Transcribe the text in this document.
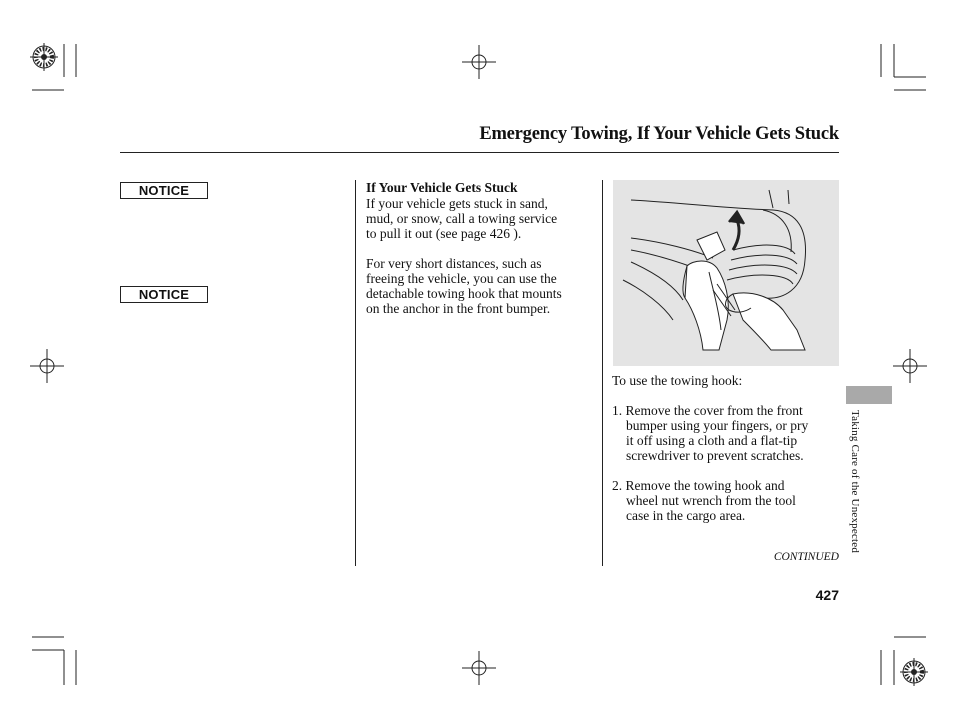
Emergency Towing, If Your Vehicle Gets Stuck
NOTICE
NOTICE
If Your Vehicle Gets Stuck
If your vehicle gets stuck in sand,
mud, or snow, call a towing service
to pull it out (see page 426 ).
For very short distances, such as
freeing the vehicle, you can use the
detachable towing hook that mounts
on the anchor in the front bumper.
To use the towing hook:
1. Remove the cover from the front
bumper using your fingers, or pry
it off using a cloth and a flat-tip
screwdriver to prevent scratches.
2. Remove the towing hook and
wheel nut wrench from the tool
case in the cargo area.
CONTINUED
427
Taking Care of the Unexpected
